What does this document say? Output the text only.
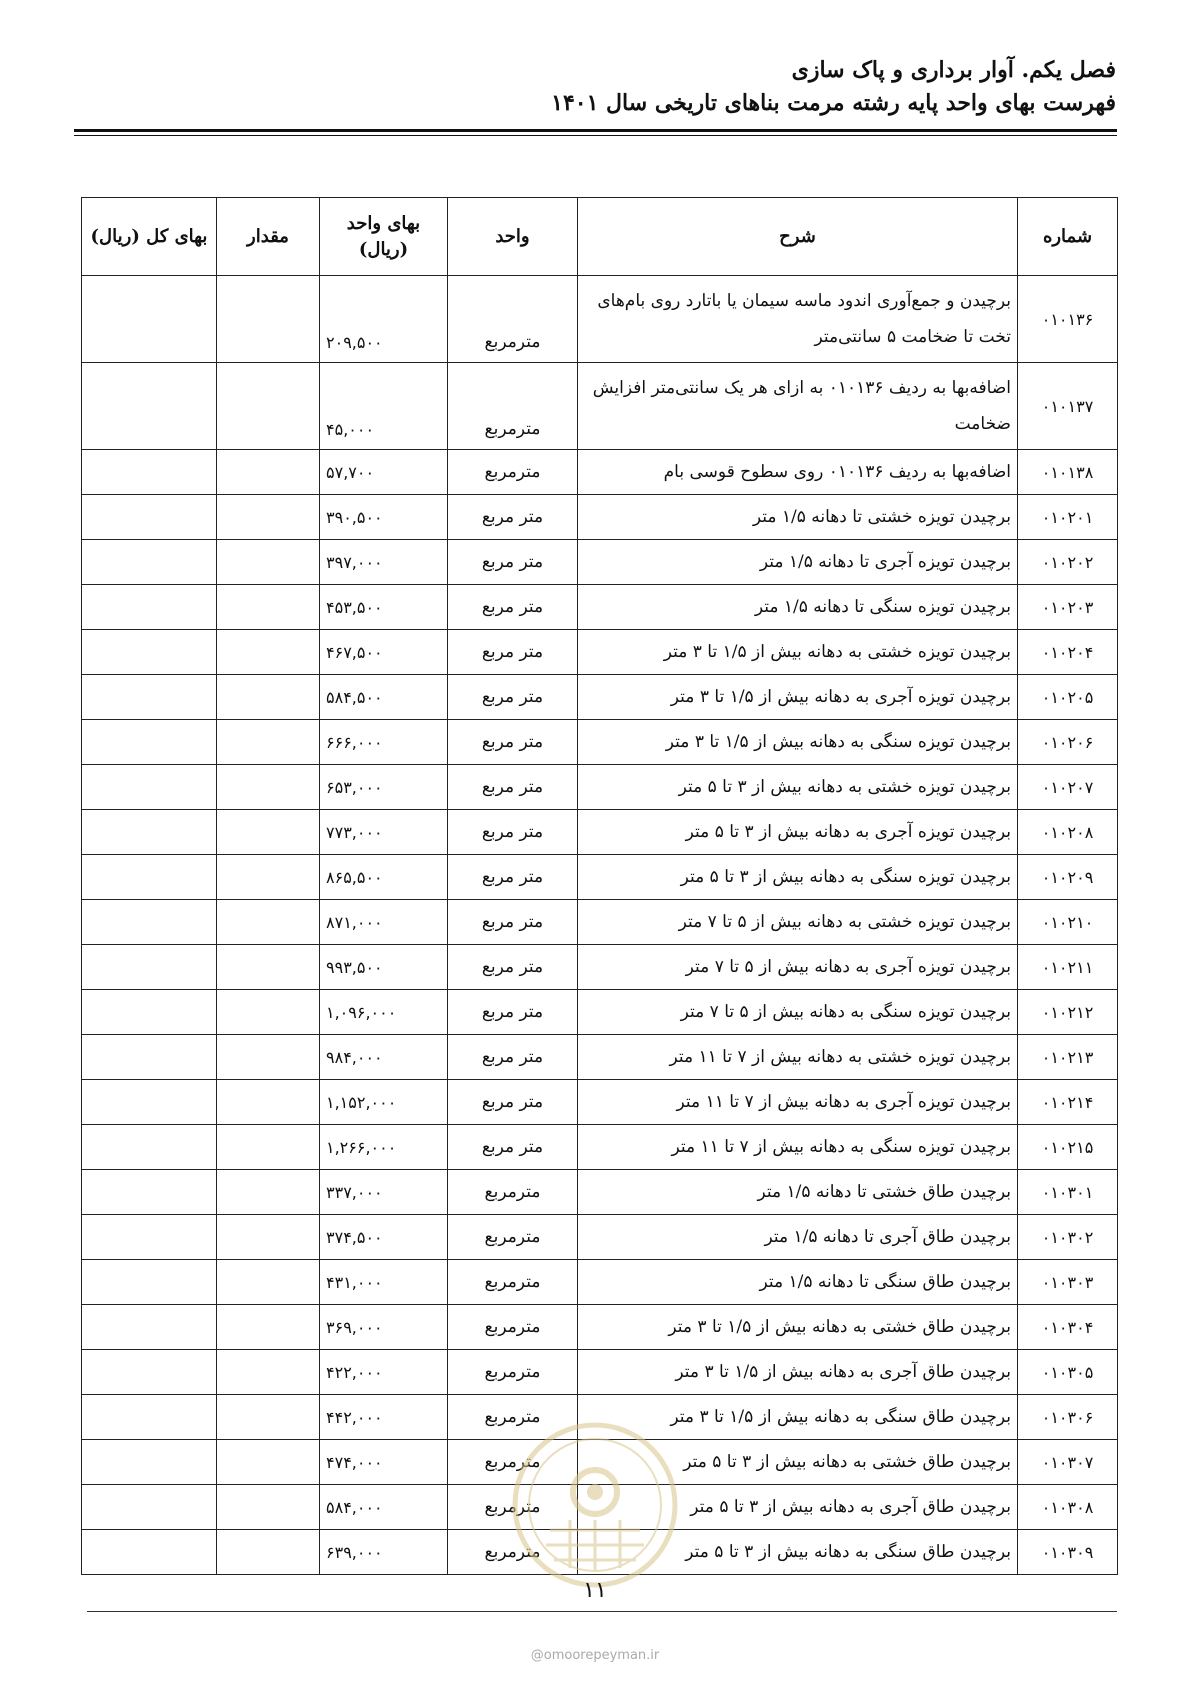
فصل یکم. آوار برداری و پاک سازی
فهرست بهای واحد پایه رشته مرمت بناهای تاریخی سال ۱۴۰۱
شماره	شرح	واحد	بهای واحد (ریال)	مقدار	بهای کل (ریال)
۰۱۰۱۳۶	برچیدن و جمع‌آوری اندود ماسه سیمان یا باتارد روی بام‌های تخت تا ضخامت ۵ سانتی‌متر	مترمربع	۲۰۹,۵۰۰		
۰۱۰۱۳۷	اضافه‌بها به ردیف ۰۱۰۱۳۶ به ازای هر یک سانتی‌متر افزایش ضخامت	مترمربع	۴۵,۰۰۰		
۰۱۰۱۳۸	اضافه‌بها به ردیف ۰۱۰۱۳۶ روی سطوح قوسی بام	مترمربع	۵۷,۷۰۰		
۰۱۰۲۰۱	برچیدن تویزه خشتی تا دهانه ۱/۵ متر	متر مربع	۳۹۰,۵۰۰		
۰۱۰۲۰۲	برچیدن تویزه آجری تا دهانه ۱/۵ متر	متر مربع	۳۹۷,۰۰۰		
۰۱۰۲۰۳	برچیدن تویزه سنگی تا دهانه ۱/۵ متر	متر مربع	۴۵۳,۵۰۰		
۰۱۰۲۰۴	برچیدن تویزه خشتی به دهانه بیش از ۱/۵ تا ۳ متر	متر مربع	۴۶۷,۵۰۰		
۰۱۰۲۰۵	برچیدن تویزه آجری به دهانه بیش از ۱/۵ تا ۳ متر	متر مربع	۵۸۴,۵۰۰		
۰۱۰۲۰۶	برچیدن تویزه سنگی به دهانه بیش از ۱/۵ تا ۳ متر	متر مربع	۶۶۶,۰۰۰		
۰۱۰۲۰۷	برچیدن تویزه خشتی به دهانه بیش از ۳ تا ۵ متر	متر مربع	۶۵۳,۰۰۰		
۰۱۰۲۰۸	برچیدن تویزه آجری به دهانه بیش از ۳ تا ۵ متر	متر مربع	۷۷۳,۰۰۰		
۰۱۰۲۰۹	برچیدن تویزه سنگی به دهانه بیش از ۳ تا ۵ متر	متر مربع	۸۶۵,۵۰۰		
۰۱۰۲۱۰	برچیدن تویزه خشتی به دهانه بیش از ۵ تا ۷ متر	متر مربع	۸۷۱,۰۰۰		
۰۱۰۲۱۱	برچیدن تویزه آجری به دهانه بیش از ۵ تا ۷ متر	متر مربع	۹۹۳,۵۰۰		
۰۱۰۲۱۲	برچیدن تویزه سنگی به دهانه بیش از ۵ تا ۷ متر	متر مربع	۱,۰۹۶,۰۰۰		
۰۱۰۲۱۳	برچیدن تویزه خشتی به دهانه بیش از ۷ تا ۱۱ متر	متر مربع	۹۸۴,۰۰۰		
۰۱۰۲۱۴	برچیدن تویزه آجری به دهانه بیش از ۷ تا ۱۱ متر	متر مربع	۱,۱۵۲,۰۰۰		
۰۱۰۲۱۵	برچیدن تویزه سنگی به دهانه بیش از ۷ تا ۱۱ متر	متر مربع	۱,۲۶۶,۰۰۰		
۰۱۰۳۰۱	برچیدن طاق خشتی تا دهانه ۱/۵ متر	مترمربع	۳۳۷,۰۰۰		
۰۱۰۳۰۲	برچیدن طاق آجری تا دهانه ۱/۵ متر	مترمربع	۳۷۴,۵۰۰		
۰۱۰۳۰۳	برچیدن طاق سنگی تا دهانه ۱/۵ متر	مترمربع	۴۳۱,۰۰۰		
۰۱۰۳۰۴	برچیدن طاق خشتی به دهانه بیش از ۱/۵ تا ۳ متر	مترمربع	۳۶۹,۰۰۰		
۰۱۰۳۰۵	برچیدن طاق آجری به دهانه بیش از ۱/۵ تا ۳ متر	مترمربع	۴۲۲,۰۰۰		
۰۱۰۳۰۶	برچیدن طاق سنگی به دهانه بیش از ۱/۵ تا ۳ متر	مترمربع	۴۴۲,۰۰۰		
۰۱۰۳۰۷	برچیدن طاق خشتی به دهانه بیش از ۳ تا ۵ متر	مترمربع	۴۷۴,۰۰۰		
۰۱۰۳۰۸	برچیدن طاق آجری به دهانه بیش از ۳ تا ۵ متر	مترمربع	۵۸۴,۰۰۰		
۰۱۰۳۰۹	برچیدن طاق سنگی به دهانه بیش از ۳ تا ۵ متر	مترمربع	۶۳۹,۰۰۰		
۱۱
@omoorepeyman.ir
